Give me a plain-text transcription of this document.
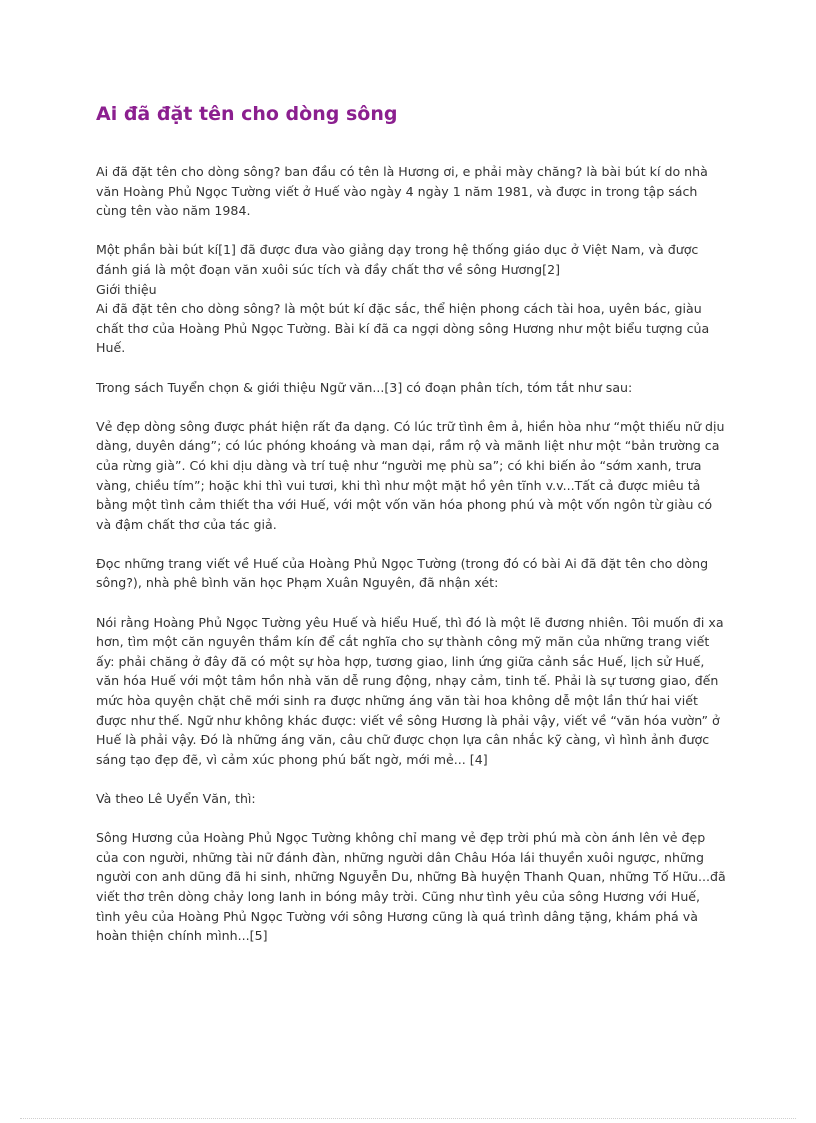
Ai đã đặt tên cho dòng sông

Ai đã đặt tên cho dòng sông? ban đầu có tên là Hương ơi, e phải mày chăng? là bài bút kí do nhà văn Hoàng Phủ Ngọc Tường viết ở Huế vào ngày 4 ngày 1 năm 1981, và được in trong tập sách cùng tên vào năm 1984.

Một phần bài bút kí[1] đã được đưa vào giảng dạy trong hệ thống giáo dục ở Việt Nam, và được đánh giá là một đoạn văn xuôi súc tích và đầy chất thơ về sông Hương[2]

Giới thiệu

Ai đã đặt tên cho dòng sông? là một bút kí đặc sắc, thể hiện phong cách tài hoa, uyên bác, giàu chất thơ của Hoàng Phủ Ngọc Tường. Bài kí đã ca ngợi dòng sông Hương như một biểu tượng của Huế.

Trong sách Tuyển chọn & giới thiệu Ngữ văn...[3] có đoạn phân tích, tóm tắt như sau:

Vẻ đẹp dòng sông được phát hiện rất đa dạng. Có lúc trữ tình êm ả, hiền hòa như “một thiếu nữ dịu dàng, duyên dáng”; có lúc phóng khoáng và man dại, rầm rộ và mãnh liệt như một “bản trường ca của rừng già”. Có khi dịu dàng và trí tuệ như “người mẹ phù sa”; có khi biến ảo “sớm xanh, trưa vàng, chiều tím”; hoặc khi thì vui tươi, khi thì như một mặt hồ yên tĩnh v.v...Tất cả được miêu tả bằng một tình cảm thiết tha với Huế, với một vốn văn hóa phong phú và một vốn ngôn từ giàu có và đậm chất thơ của tác giả.

Đọc những trang viết về Huế của Hoàng Phủ Ngọc Tường (trong đó có bài Ai đã đặt tên cho dòng sông?), nhà phê bình văn học Phạm Xuân Nguyên, đã nhận xét:

Nói rằng Hoàng Phủ Ngọc Tường yêu Huế và hiểu Huế, thì đó là một lẽ đương nhiên. Tôi muốn đi xa hơn, tìm một căn nguyên thầm kín để cắt nghĩa cho sự thành công mỹ mãn của những trang viết ấy: phải chăng ở đây đã có một sự hòa hợp, tương giao, linh ứng giữa cảnh sắc Huế, lịch sử Huế, văn hóa Huế với một tâm hồn nhà văn dễ rung động, nhạy cảm, tinh tế. Phải là sự tương giao, đến mức hòa quyện chặt chẽ mới sinh ra được những áng văn tài hoa không dễ một lần thứ hai viết được như thế. Ngữ như không khác được: viết về sông Hương là phải vậy, viết về “văn hóa vườn” ở Huế là phải vậy. Đó là những áng văn, câu chữ được chọn lựa cân nhắc kỹ càng, vì hình ảnh được sáng tạo đẹp đẽ, vì cảm xúc phong phú bất ngờ, mới mẻ... [4]

Và theo Lê Uyển Văn, thì:

Sông Hương của Hoàng Phủ Ngọc Tường không chỉ mang vẻ đẹp trời phú mà còn ánh lên vẻ đẹp của con người, những tài nữ đánh đàn, những người dân Châu Hóa lái thuyền xuôi ngược, những người con anh dũng đã hi sinh, những Nguyễn Du, những Bà huyện Thanh Quan, những Tố Hữu...đã viết thơ trên dòng chảy long lanh in bóng mây trời. Cũng như tình yêu của sông Hương với Huế, tình yêu của Hoàng Phủ Ngọc Tường với sông Hương cũng là quá trình dâng tặng, khám phá và hoàn thiện chính mình...[5]
